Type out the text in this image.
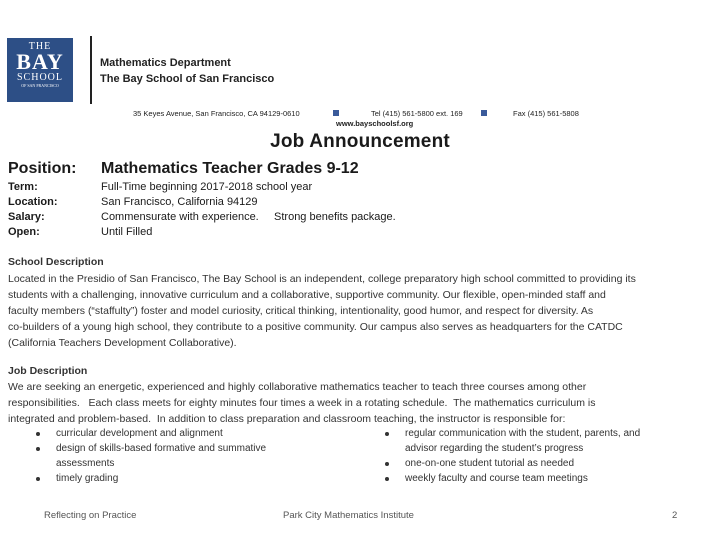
THE
BAY
SCHOOL
OF SAN FRANCISCO
Mathematics Department
The Bay School of San Francisco
35 Keyes Avenue, San Francisco, CA 94129-0610	Tel (415) 561-5800 ext. 169	Fax (415) 561-5808
www.bayschoolsf.org
Job Announcement
Position: Mathematics Teacher Grades 9-12
Term:	Full-Time beginning 2017-2018 school year
Location:	San Francisco, California 94129
Salary:	Commensurate with experience.     Strong benefits package.
Open:	Until Filled
School Description
Located in the Presidio of San Francisco, The Bay School is an independent, college preparatory high school committed to providing its
students with a challenging, innovative curriculum and a collaborative, supportive community. Our flexible, open-minded staff and
faculty members (“staffulty”) foster and model curiosity, critical thinking, intentionality, good humor, and respect for diversity. As
co-builders of a young high school, they contribute to a positive community. Our campus also serves as headquarters for the CATDC
(California Teachers Development Collaborative).
Job Description
We are seeking an energetic, experienced and highly collaborative mathematics teacher to teach three courses among other
responsibilities.   Each class meets for eighty minutes four times a week in a rotating schedule.  The mathematics curriculum is
integrated and problem-based.  In addition to class preparation and classroom teaching, the instructor is responsible for:
curricular development and alignment
design of skills-based formative and summative
assessments
timely grading
regular communication with the student, parents, and
advisor regarding the student’s progress
one-on-one student tutorial as needed
weekly faculty and course team meetings
Reflecting on Practice	Park City Mathematics Institute	2
